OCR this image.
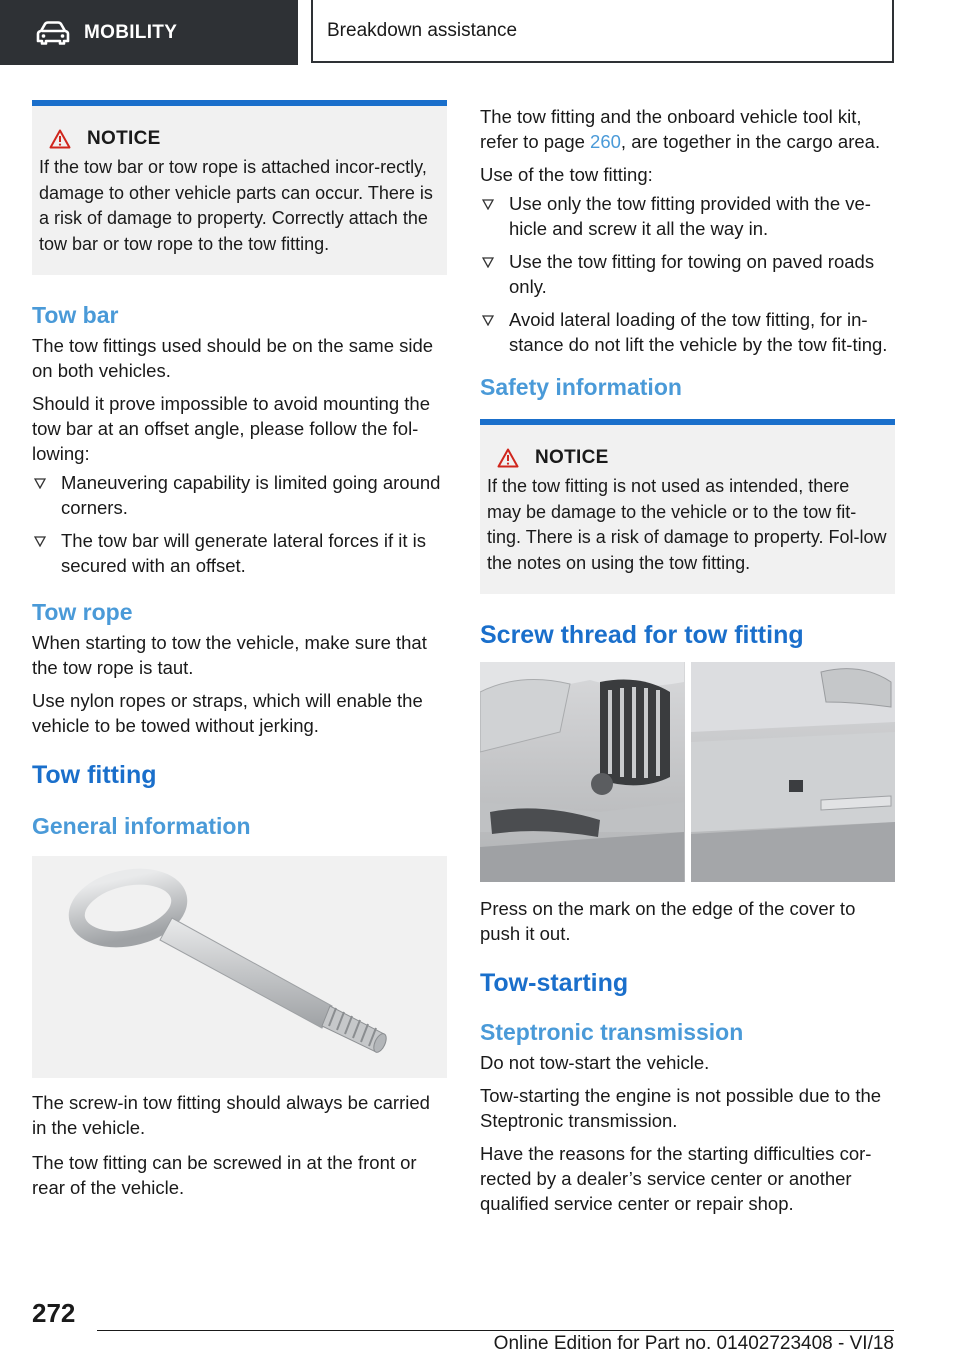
MOBILITY	Breakdown assistance
NOTICE

If the tow bar or tow rope is attached incor-rectly, damage to other vehicle parts can occur. There is a risk of damage to property. Correctly attach the tow bar or tow rope to the tow fitting.

Tow bar

The tow fittings used should be on the same side on both vehicles.

Should it prove impossible to avoid mounting the tow bar at an offset angle, please follow the fol-lowing:

Maneuvering capability is limited going around corners.
The tow bar will generate lateral forces if it is secured with an offset.
Tow rope

When starting to tow the vehicle, make sure that the tow rope is taut.

Use nylon ropes or straps, which will enable the vehicle to be towed without jerking.

Tow fitting
General information

The screw-in tow fitting should always be carried in the vehicle.

The tow fitting can be screwed in at the front or rear of the vehicle.

The tow fitting and the onboard vehicle tool kit, refer to page 260, are together in the cargo area.

Use of the tow fitting:

Use only the tow fitting provided with the ve-hicle and screw it all the way in.
Use the tow fitting for towing on paved roads only.
Avoid lateral loading of the tow fitting, for in-stance do not lift the vehicle by the tow fit-ting.
Safety information
NOTICE

If the tow fitting is not used as intended, there may be damage to the vehicle or to the tow fit-ting. There is a risk of damage to property. Fol-low the notes on using the tow fitting.

Screw thread for tow fitting

Press on the mark on the edge of the cover to push it out.

Tow-starting
Steptronic transmission

Do not tow-start the vehicle.

Tow-starting the engine is not possible due to the Steptronic transmission.

Have the reasons for the starting difficulties cor-rected by a dealer’s service center or another qualified service center or repair shop.

272
Online Edition for Part no. 01402723408 - VI/18
